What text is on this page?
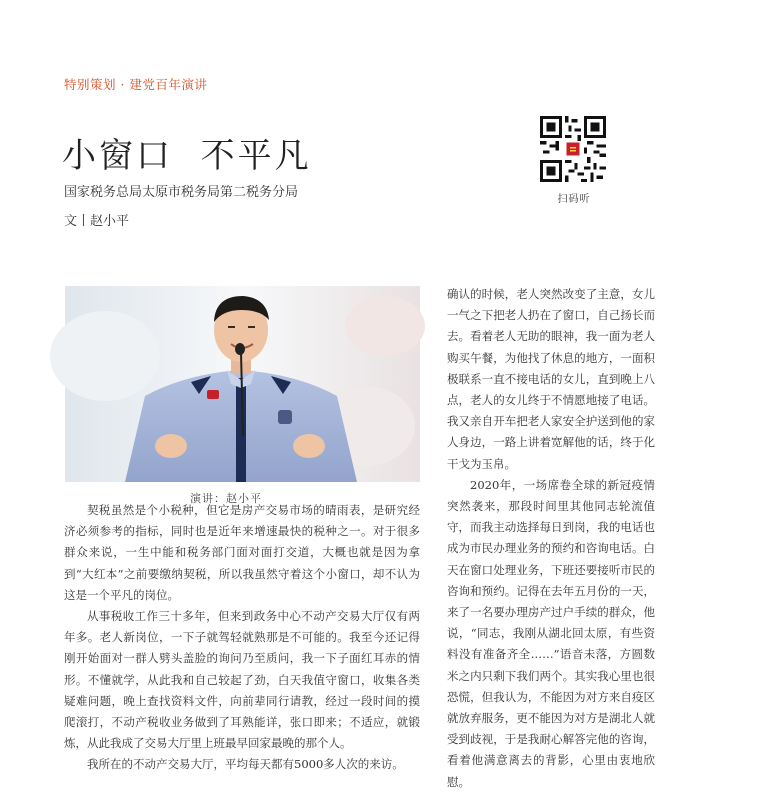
特别策划 · 建党百年演讲
小窗口  不平凡
国家税务总局太原市税务局第二税务分局
文丨赵小平
扫码听
演讲：赵小平

契税虽然是个小税种，但它是房产交易市场的晴雨表，是研究经济必须参考的指标，同时也是近年来增速最快的税种之一。对于很多群众来说，一生中能和税务部门面对面打交道，大概也就是因为拿到“大红本”之前要缴纳契税，所以我虽然守着这个小窗口，却不认为这是一个平凡的岗位。

从事税收工作三十多年，但来到政务中心不动产交易大厅仅有两年多。老人新岗位，一下子就驾轻就熟那是不可能的。我至今还记得刚开始面对一群人劈头盖脸的询问乃至质问，我一下子面红耳赤的情形。不懂就学，从此我和自己较起了劲，白天我值守窗口，收集各类疑难问题，晚上查找资料文件，向前辈同行请教，经过一段时间的摸爬滚打，不动产税收业务做到了耳熟能详，张口即来；不适应，就锻炼，从此我成了交易大厅里上班最早回家最晚的那个人。

我所在的不动产交易大厅，平均每天都有5000多人次的来访。

确认的时候，老人突然改变了主意，女儿一气之下把老人扔在了窗口，自己扬长而去。看着老人无助的眼神，我一面为老人购买午餐，为他找了休息的地方，一面积极联系一直不接电话的女儿，直到晚上八点，老人的女儿终于不情愿地接了电话。我又亲自开车把老人家安全护送到他的家人身边，一路上讲着宽解他的话，终于化干戈为玉帛。

2020年，一场席卷全球的新冠疫情突然袭来，那段时间里其他同志轮流值守，而我主动选择每日到岗，我的电话也成为市民办理业务的预约和咨询电话。白天在窗口处理业务，下班还要接听市民的咨询和预约。记得在去年五月份的一天，来了一名要办理房产过户手续的群众，他说，“同志，我刚从湖北回太原，有些资料没有准备齐全……”语音未落，方圆数米之内只剩下我们两个。其实我心里也很恐慌，但我认为，不能因为对方来自疫区就放弃服务，更不能因为对方是湖北人就受到歧视，于是我耐心解答完他的咨询，看着他满意离去的背影，心里由衷地欣慰。
